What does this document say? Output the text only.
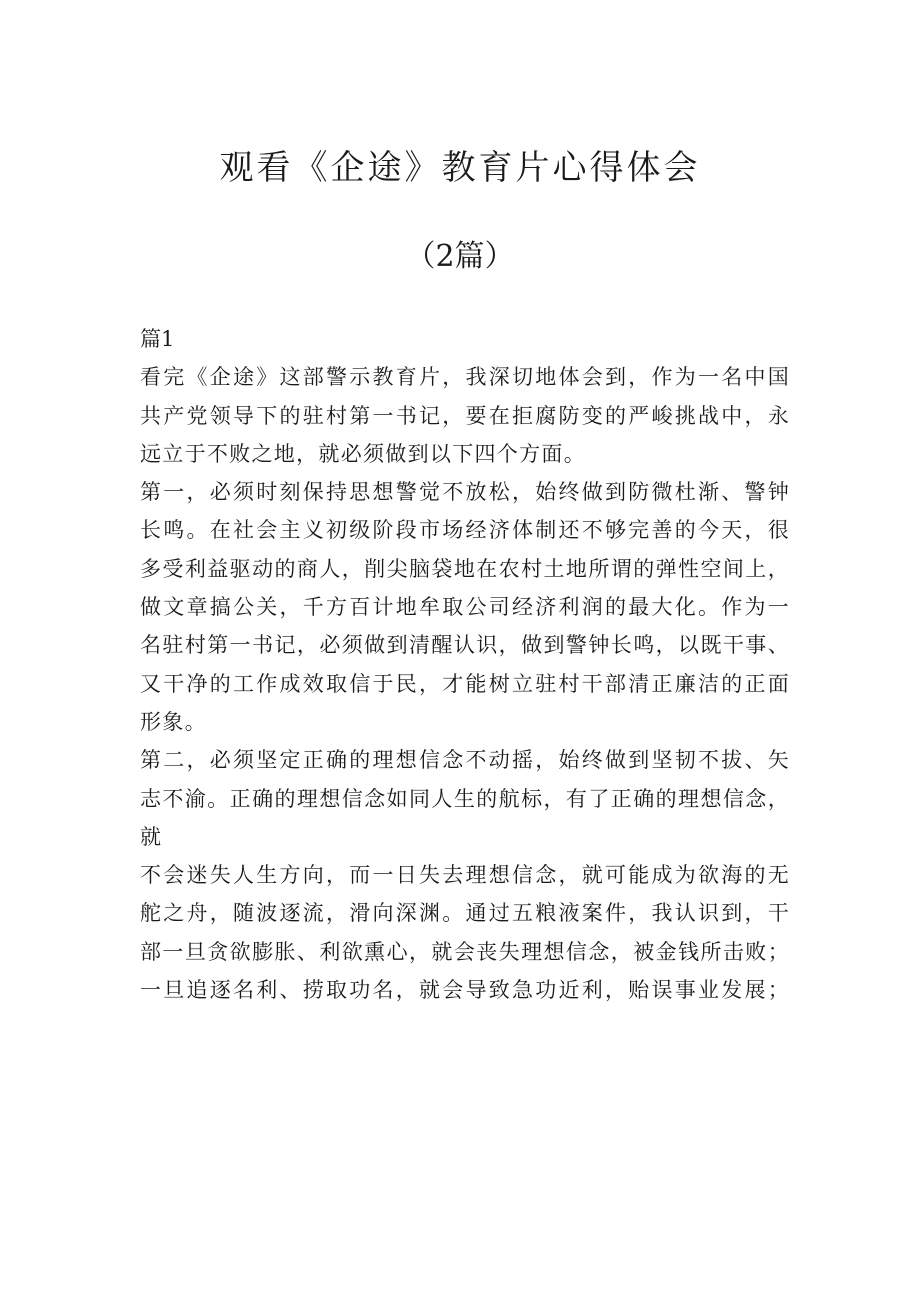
观看《企途》教育片心得体会
（2篇）
篇1
看完《企途》这部警示教育片，我深切地体会到，作为一名中国
共产党领导下的驻村第一书记，要在拒腐防变的严峻挑战中，永
远立于不败之地，就必须做到以下四个方面。
第一，必须时刻保持思想警觉不放松，始终做到防微杜渐、警钟
长鸣。在社会主义初级阶段市场经济体制还不够完善的今天，很
多受利益驱动的商人，削尖脑袋地在农村土地所谓的弹性空间上，
做文章搞公关，千方百计地牟取公司经济利润的最大化。作为一
名驻村第一书记，必须做到清醒认识，做到警钟长鸣，以既干事、
又干净的工作成效取信于民，才能树立驻村干部清正廉洁的正面
形象。
第二，必须坚定正确的理想信念不动摇，始终做到坚韧不拔、矢
志不渝。正确的理想信念如同人生的航标，有了正确的理想信念，
就
不会迷失人生方向，而一日失去理想信念，就可能成为欲海的无
舵之舟，随波逐流，滑向深渊。通过五粮液案件，我认识到，干
部一旦贪欲膨胀、利欲熏心，就会丧失理想信念，被金钱所击败；
一旦追逐名利、捞取功名，就会导致急功近利，贻误事业发展；
